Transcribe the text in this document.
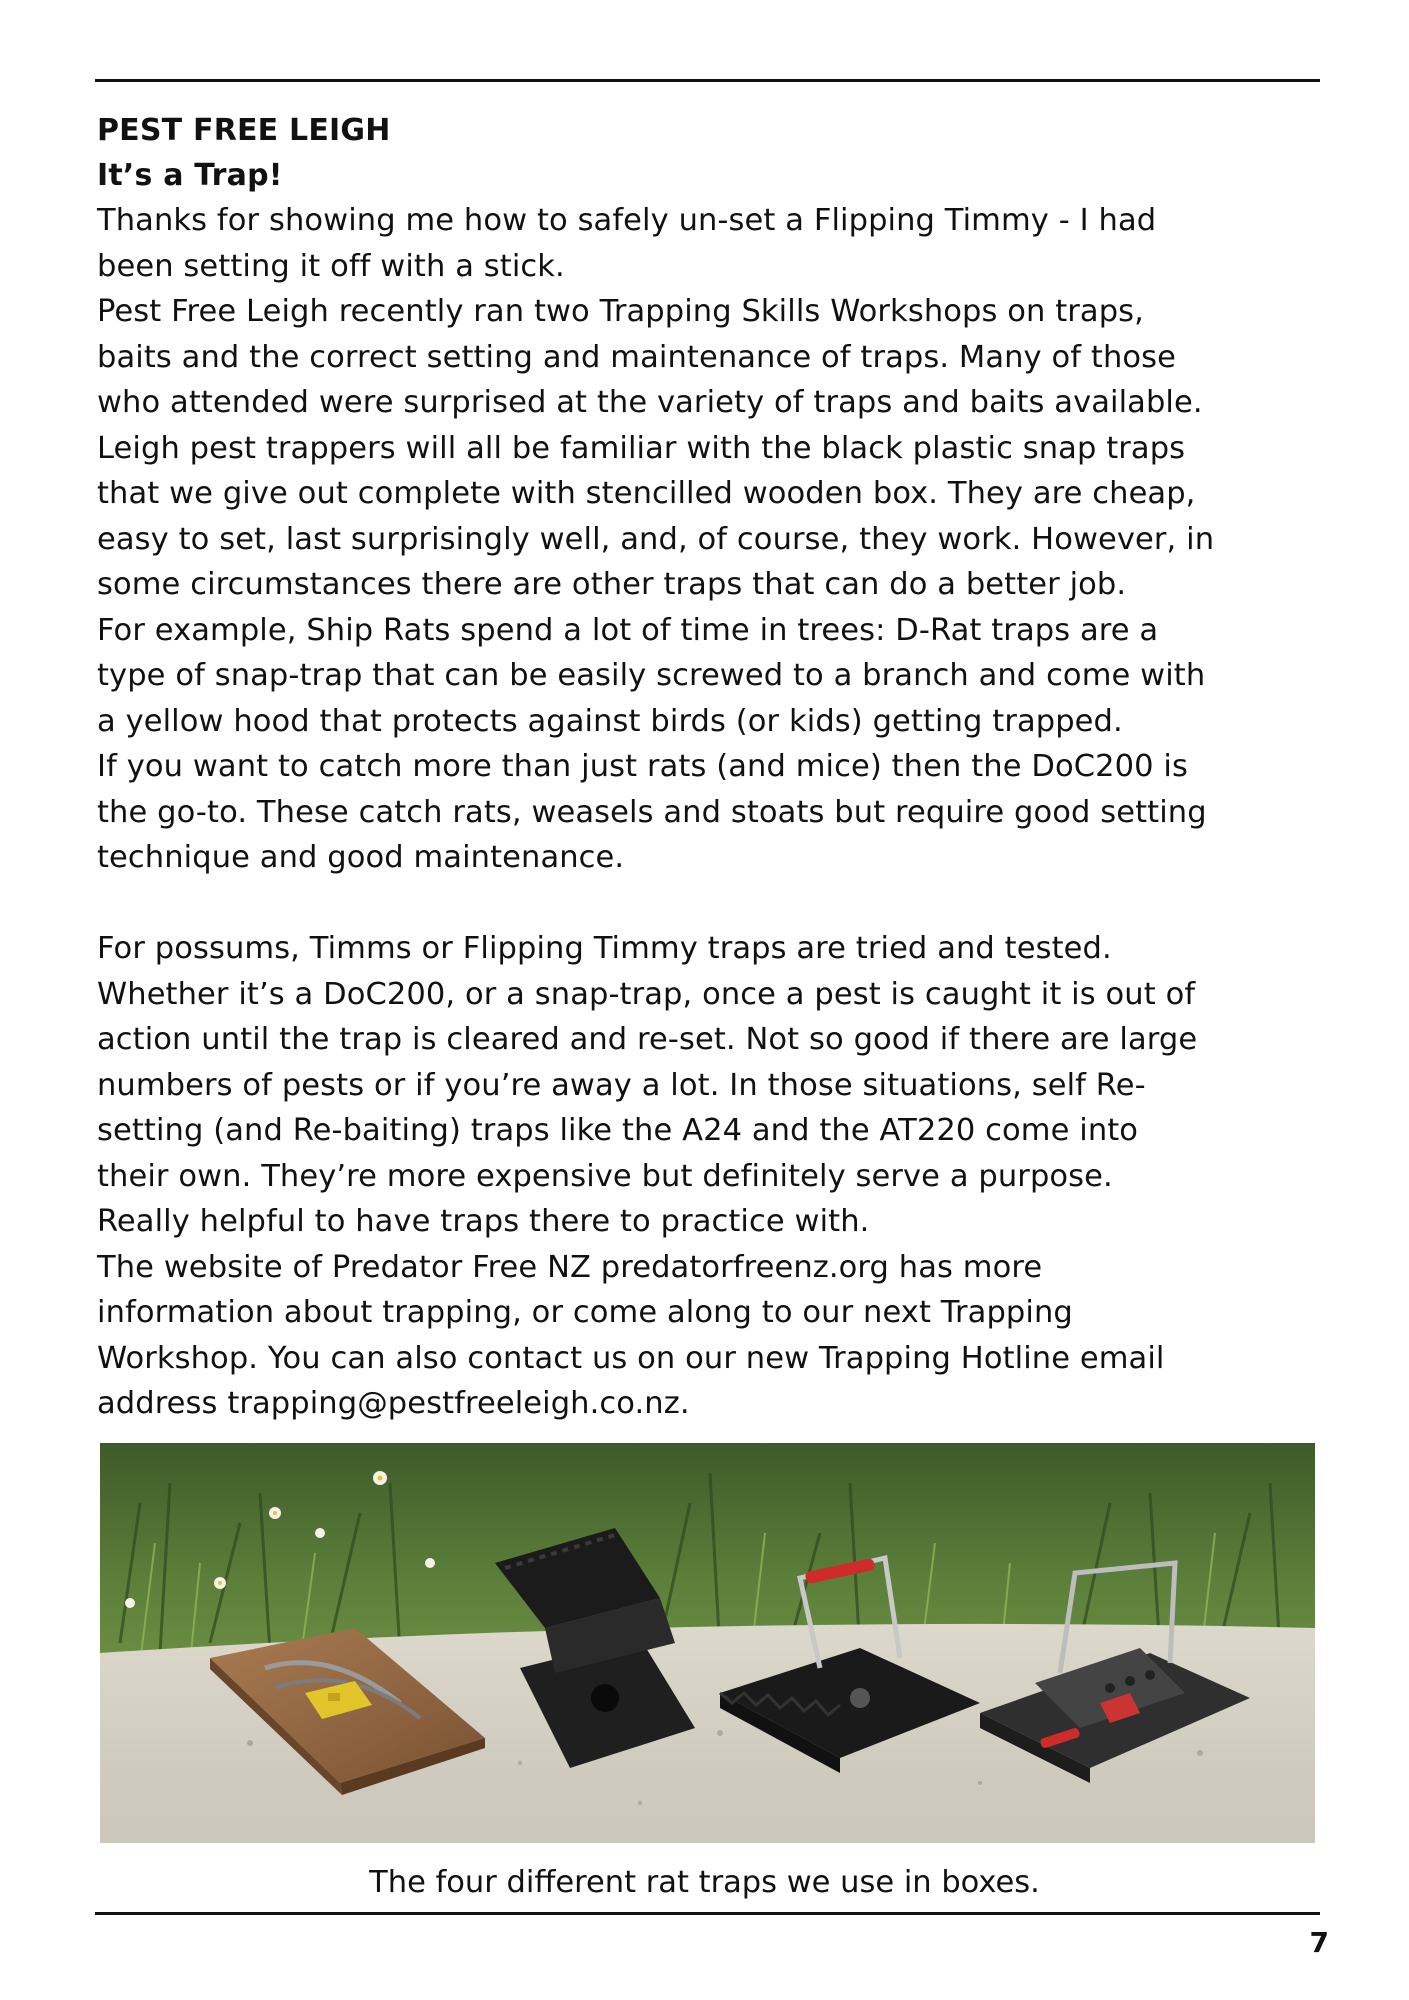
PEST FREE LEIGH

It’s a Trap!

Thanks for showing me how to safely un-set a Flipping Timmy - I had

been setting it off with a stick.

Pest Free Leigh recently ran two Trapping Skills Workshops on traps,

baits and the correct setting and maintenance of traps. Many of those

who attended were surprised at the variety of traps and baits available.

Leigh pest trappers will all be familiar with the black plastic snap traps

that we give out complete with stencilled wooden box. They are cheap,

easy to set, last surprisingly well, and, of course, they work. However, in

some circumstances there are other traps that can do a better job.

For example, Ship Rats spend a lot of time in trees: D-Rat traps are a

type of snap-trap that can be easily screwed to a branch and come with

a yellow hood that protects against birds (or kids) getting trapped.

If you want to catch more than just rats (and mice) then the DoC200 is

the go-to. These catch rats, weasels and stoats but require good setting

technique and good maintenance.

For possums, Timms or Flipping Timmy traps are tried and tested.

Whether it’s a DoC200, or a snap-trap, once a pest is caught it is out of

action until the trap is cleared and re-set. Not so good if there are large

numbers of pests or if you’re away a lot. In those situations, self Re-

setting (and Re-baiting) traps like the A24 and the AT220 come into

their own. They’re more expensive but definitely serve a purpose.

Really helpful to have traps there to practice with.

The website of Predator Free NZ predatorfreenz.org has more

information about trapping, or come along to our next Trapping

Workshop. You can also contact us on our new Trapping Hotline email

address trapping@pestfreeleigh.co.nz.

The four different rat traps we use in boxes.
7
